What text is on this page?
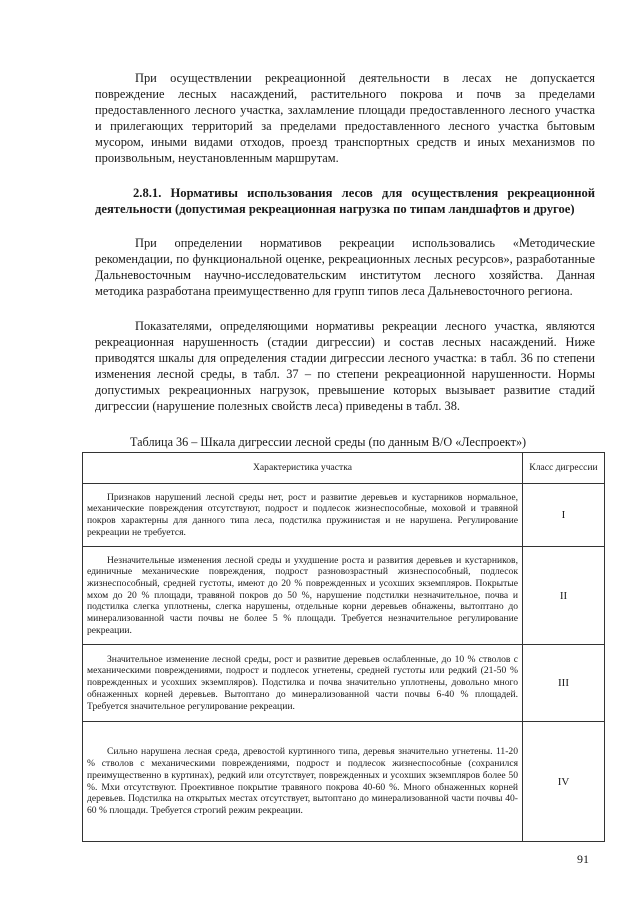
При осуществлении рекреационной деятельности в лесах не допускается повреждение лесных насаждений, растительного покрова и почв за пределами предоставленного лесного участка, захламление площади предоставленного лесного участка и прилегающих территорий за пределами предоставленного лесного участка бытовым мусором, иными видами отходов, проезд транспортных средств и иных механизмов по произвольным, неустановленным маршрутам.

2.8.1. Нормативы использования лесов для осуществления рекреационной деятельности (допустимая рекреационная нагрузка по типам ландшафтов и другое)

При определении нормативов рекреации использовались «Методические рекомендации, по функциональной оценке, рекреационных лесных ресурсов», разработанные Дальневосточным научно-исследовательским институтом лесного хозяйства. Данная методика разработана преимущественно для групп типов леса Дальневосточного региона.

Показателями, определяющими нормативы рекреации лесного участка, являются рекреационная нарушенность (стадии дигрессии) и состав лесных насаждений. Ниже приводятся шкалы для определения стадии дигрессии лесного участка: в табл. 36 по степени изменения лесной среды, в табл. 37 – по степени рекреационной нарушенности. Нормы допустимых рекреационных нагрузок, превышение которых вызывает развитие стадий дигрессии (нарушение полезных свойств леса) приведены в табл. 38.

Таблица 36 – Шкала дигрессии лесной среды (по данным В/О «Леспроект»)
Характеристика участка	Класс дигрессии
Признаков нарушений лесной среды нет, рост и развитие деревьев и кустарников нормальное, механические повреждения отсутствуют, подрост и подлесок жизнеспособные, моховой и травяной покров характерны для данного типа леса, подстилка пружинистая и не нарушена. Регулирование рекреации не требуется.	I
Незначительные изменения лесной среды и ухудшение роста и развития деревьев и кустарников, единичные механические повреждения, подрост разновозрастный жизнеспособный, подлесок жизнеспособный, средней густоты, имеют до 20 % поврежденных и усохших экземпляров. Покрытые мхом до 20 % площади, травяной покров до 50 %, нарушение подстилки незначительное, почва и подстилка слегка уплотнены, слегка нарушены, отдельные корни деревьев обнажены, вытоптано до минерализованной части почвы не более 5 % площади. Требуется незначительное регулирование рекреации.	II
Значительное изменение лесной среды, рост и развитие деревьев ослабленные, до 10 % стволов с механическими повреждениями, подрост и подлесок угнетены, средней густоты или редкий (21-50 % поврежденных и усохших экземпляров). Подстилка и почва значительно уплотнены, довольно много обнаженных корней деревьев. Вытоптано до минерализованной части почвы 6-40 % площадей. Требуется значительное регулирование рекреации.	III
Сильно нарушена лесная среда, древостой куртинного типа, деревья значительно угнетены. 11-20 % стволов с механическими повреждениями, подрост и подлесок жизнеспособные (сохранился преимущественно в куртинах), редкий или отсутствует, поврежденных и усохших экземпляров более 50 %. Мхи отсутствуют. Проективное покрытие травяного покрова 40-60 %. Много обнаженных корней деревьев. Подстилка на открытых местах отсутствует, вытоптано до минерализованной части почвы 40-60 % площади. Требуется строгий режим рекреации.	IV
91
